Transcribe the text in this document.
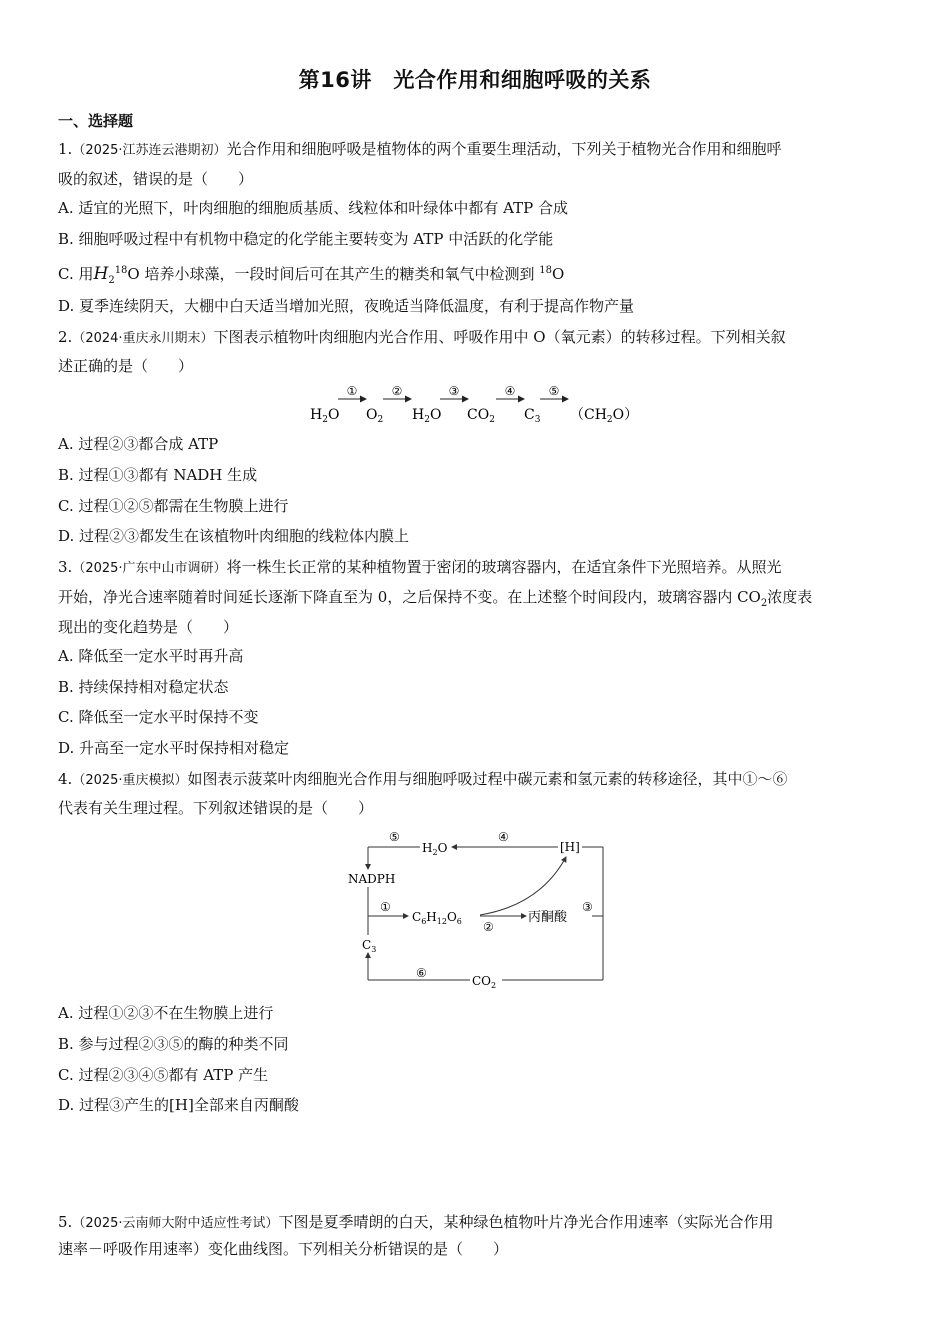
第16讲　光合作用和细胞呼吸的关系
一、选择题
1.（2025·江苏连云港期初）光合作用和细胞呼吸是植物体的两个重要生理活动，下列关于植物光合作用和细胞呼
吸的叙述，错误的是（　　）
A. 适宜的光照下，叶肉细胞的细胞质基质、线粒体和叶绿体中都有 ATP 合成
B. 细胞呼吸过程中有机物中稳定的化学能主要转变为 ATP 中活跃的化学能
C. 用$H_2^{18}O$ 培养小球藻，一段时间后可在其产生的糖类和氧气中检测到 $^{18}$O
D. 夏季连续阴天，大棚中白天适当增加光照，夜晚适当降低温度，有利于提高作物产量
2.（2024·重庆永川期末）下图表示植物叶肉细胞内光合作用、呼吸作用中 O（氧元素）的转移过程。下列相关叙
述正确的是（　　）
①	②	③	④	⑤
$H_2O$ $O_2$ $H_2O$ $CO_2$ $C_3$ $(CH_2O)$
A. 过程②③都合成 ATP
B. 过程①③都有 NADH 生成
C. 过程①②⑤都需在生物膜上进行
D. 过程②③都发生在该植物叶肉细胞的线粒体内膜上
3.（2025·广东中山市调研）将一株生长正常的某种植物置于密闭的玻璃容器内，在适宜条件下光照培养。从照光
开始，净光合速率随着时间延长逐渐下降直至为 0，之后保持不变。在上述整个时间段内，玻璃容器内 $CO_2$浓度表
现出的变化趋势是（　　）
A. 降低至一定水平时再升高
B. 持续保持相对稳定状态
C. 降低至一定水平时保持不变
D. 升高至一定水平时保持相对稳定
4.（2025·重庆模拟）如图表示菠菜叶肉细胞光合作用与细胞呼吸过程中碳元素和氢元素的转移途径，其中①～⑥
代表有关生理过程。下列叙述错误的是（　　）
⑤	④
①
②
③
⑥
$H_2O$	[H]
NADPH
$C_6H_{12}O_6$	丙酮酸
$C_3$
$CO_2$
A. 过程①②③不在生物膜上进行
B. 参与过程②③⑤的酶的种类不同
C. 过程②③④⑤都有 ATP 产生
D. 过程③产生的[H]全部来自丙酮酸
5.（2025·云南师大附中适应性考试）下图是夏季晴朗的白天，某种绿色植物叶片净光合作用速率（实际光合作用
速率－呼吸作用速率）变化曲线图。下列相关分析错误的是（　　）
